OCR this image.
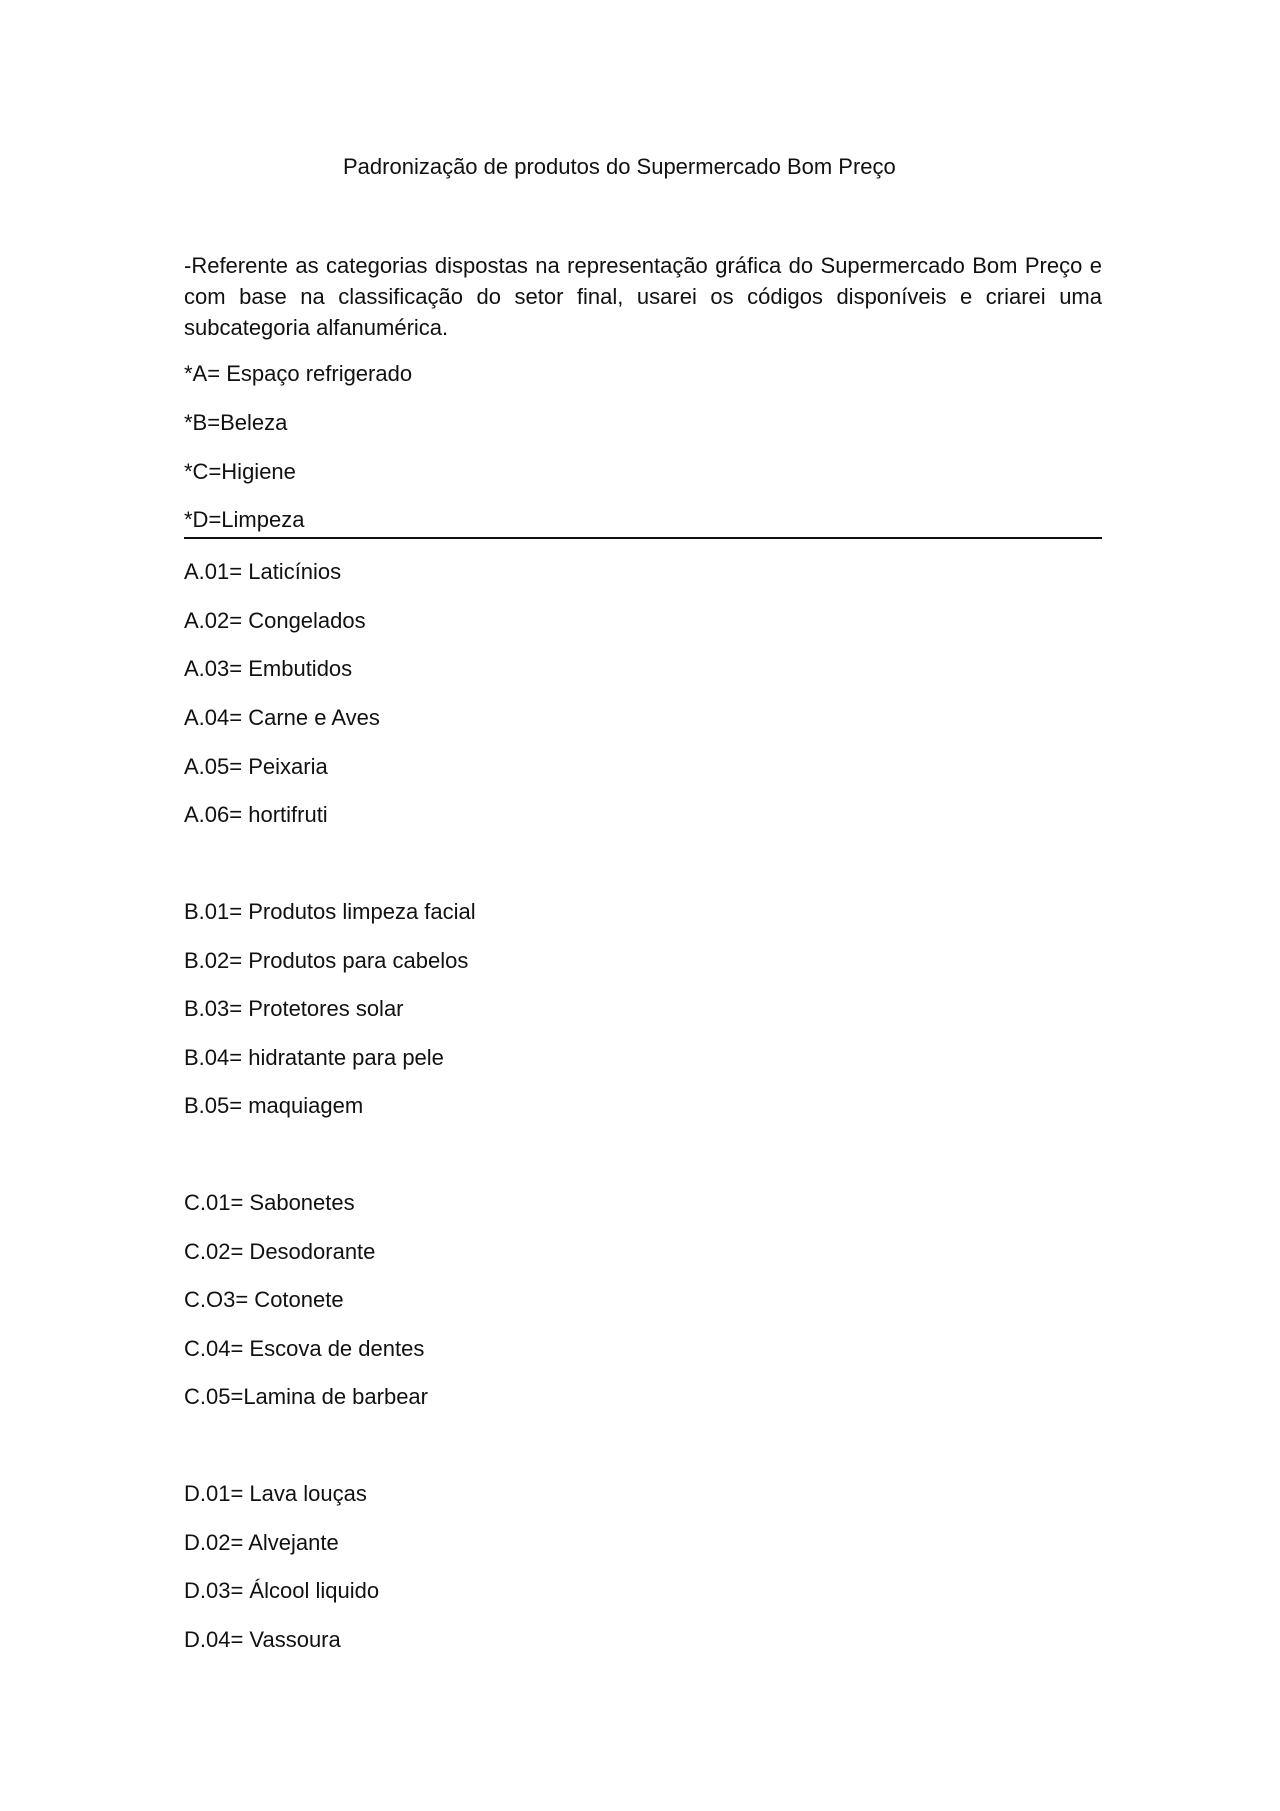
Padronização de produtos do Supermercado Bom Preço
-Referente as categorias dispostas na representação gráfica do Supermercado Bom Preço e com base na classificação do setor final, usarei os códigos disponíveis e criarei uma subcategoria alfanumérica.
*A= Espaço refrigerado
*B=Beleza
*C=Higiene
*D=Limpeza
A.01= Laticínios
A.02= Congelados
A.03= Embutidos
A.04= Carne e Aves
A.05= Peixaria
A.06= hortifruti
B.01= Produtos limpeza facial
B.02= Produtos para cabelos
B.03= Protetores solar
B.04= hidratante para pele
B.05= maquiagem
C.01= Sabonetes
C.02= Desodorante
C.O3= Cotonete
C.04= Escova de dentes
C.05=Lamina de barbear
D.01= Lava louças
D.02= Alvejante
D.03= Álcool liquido
D.04= Vassoura
